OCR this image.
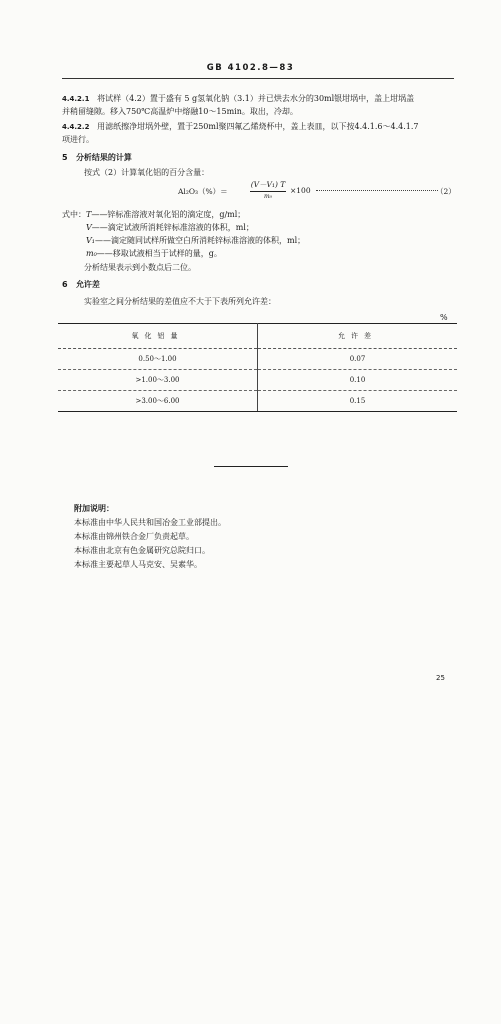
GB 4102.8—83
4.4.2.1 将试样（4.2）置于盛有 5 g氢氧化钠（3.1）并已烘去水分的30ml银坩埚中，盖上坩埚盖
并稍留缝隙。移入750℃高温炉中熔融10～15min。取出，冷却。
4.4.2.2 用滤纸擦净坩埚外壁，置于250ml聚四氟乙烯烧杯中，盖上表皿，以下按4.4.1.6～4.4.1.7
项进行。
5 分析结果的计算
按式（2）计算氧化铝的百分含量：
Al₂O₃（%）＝
(V－V₁) T
m₀
×100	（2）
式中： T——锌标准溶液对氧化铝的滴定度，g/ml；
V——滴定试液所消耗锌标准溶液的体积，ml；
V₁——滴定随同试样所做空白所消耗锌标准溶液的体积，ml；
m₀——移取试液相当于试样的量，g。
分析结果表示到小数点后二位。
6 允许差
实验室之间分析结果的差值应不大于下表所列允许差：
%
氧化铝量	允许差
0.50～1.00	0.07
>1.00～3.00	0.10
>3.00～6.00	0.15
附加说明：
本标准由中华人民共和国冶金工业部提出。
本标准由锦州铁合金厂负责起草。
本标准由北京有色金属研究总院归口。
本标准主要起草人马克安、吴素华。
25
